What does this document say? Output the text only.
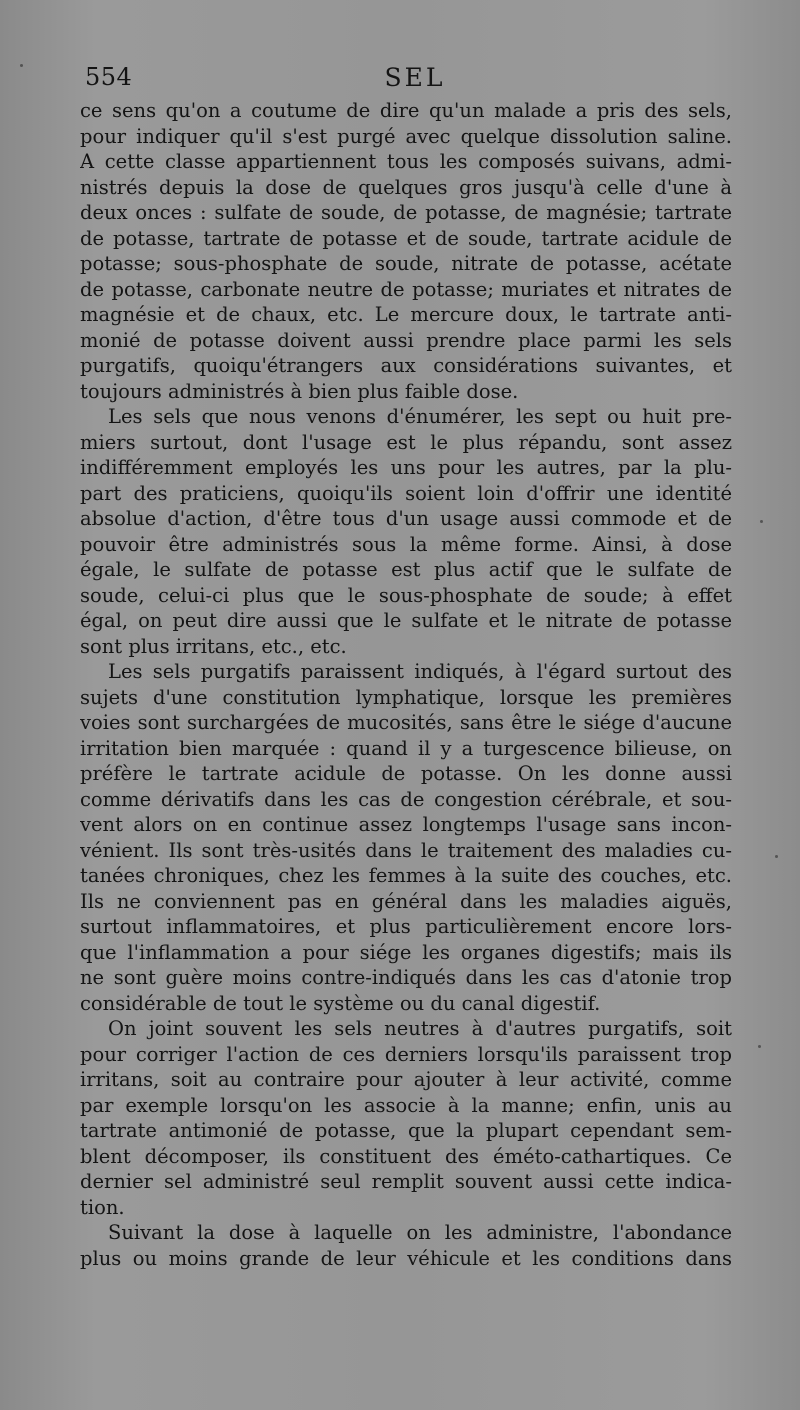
554	SEL
ce sens qu'on a coutume de dire qu'un malade a pris des sels,
pour indiquer qu'il s'est purgé avec quelque dissolution saline.
A cette classe appartiennent tous les composés suivans, admi-
nistrés depuis la dose de quelques gros jusqu'à celle d'une à
deux onces : sulfate de soude, de potasse, de magnésie; tartrate
de potasse, tartrate de potasse et de soude, tartrate acidule de
potasse; sous-phosphate de soude, nitrate de potasse, acétate
de potasse, carbonate neutre de potasse; muriates et nitrates de
magnésie et de chaux, etc. Le mercure doux, le tartrate anti-
monié de potasse doivent aussi prendre place parmi les sels
purgatifs, quoiqu'étrangers aux considérations suivantes, et
toujours administrés à bien plus faible dose.
Les sels que nous venons d'énumérer, les sept ou huit pre-
miers surtout, dont l'usage est le plus répandu, sont assez
indifféremment employés les uns pour les autres, par la plu-
part des praticiens, quoiqu'ils soient loin d'offrir une identité
absolue d'action, d'être tous d'un usage aussi commode et de
pouvoir être administrés sous la même forme. Ainsi, à dose
égale, le sulfate de potasse est plus actif que le sulfate de
soude, celui-ci plus que le sous-phosphate de soude; à effet
égal, on peut dire aussi que le sulfate et le nitrate de potasse
sont plus irritans, etc., etc.
Les sels purgatifs paraissent indiqués, à l'égard surtout des
sujets d'une constitution lymphatique, lorsque les premières
voies sont surchargées de mucosités, sans être le siége d'aucune
irritation bien marquée : quand il y a turgescence bilieuse, on
préfère le tartrate acidule de potasse. On les donne aussi
comme dérivatifs dans les cas de congestion cérébrale, et sou-
vent alors on en continue assez longtemps l'usage sans incon-
vénient. Ils sont très-usités dans le traitement des maladies cu-
tanées chroniques, chez les femmes à la suite des couches, etc.
Ils ne conviennent pas en général dans les maladies aiguës,
surtout inflammatoires, et plus particulièrement encore lors-
que l'inflammation a pour siége les organes digestifs; mais ils
ne sont guère moins contre-indiqués dans les cas d'atonie trop
considérable de tout le système ou du canal digestif.
On joint souvent les sels neutres à d'autres purgatifs, soit
pour corriger l'action de ces derniers lorsqu'ils paraissent trop
irritans, soit au contraire pour ajouter à leur activité, comme
par exemple lorsqu'on les associe à la manne; enfin, unis au
tartrate antimonié de potasse, que la plupart cependant sem-
blent décomposer, ils constituent des éméto-cathartiques. Ce
dernier sel administré seul remplit souvent aussi cette indica-
tion.
Suivant la dose à laquelle on les administre, l'abondance
plus ou moins grande de leur véhicule et les conditions dans
